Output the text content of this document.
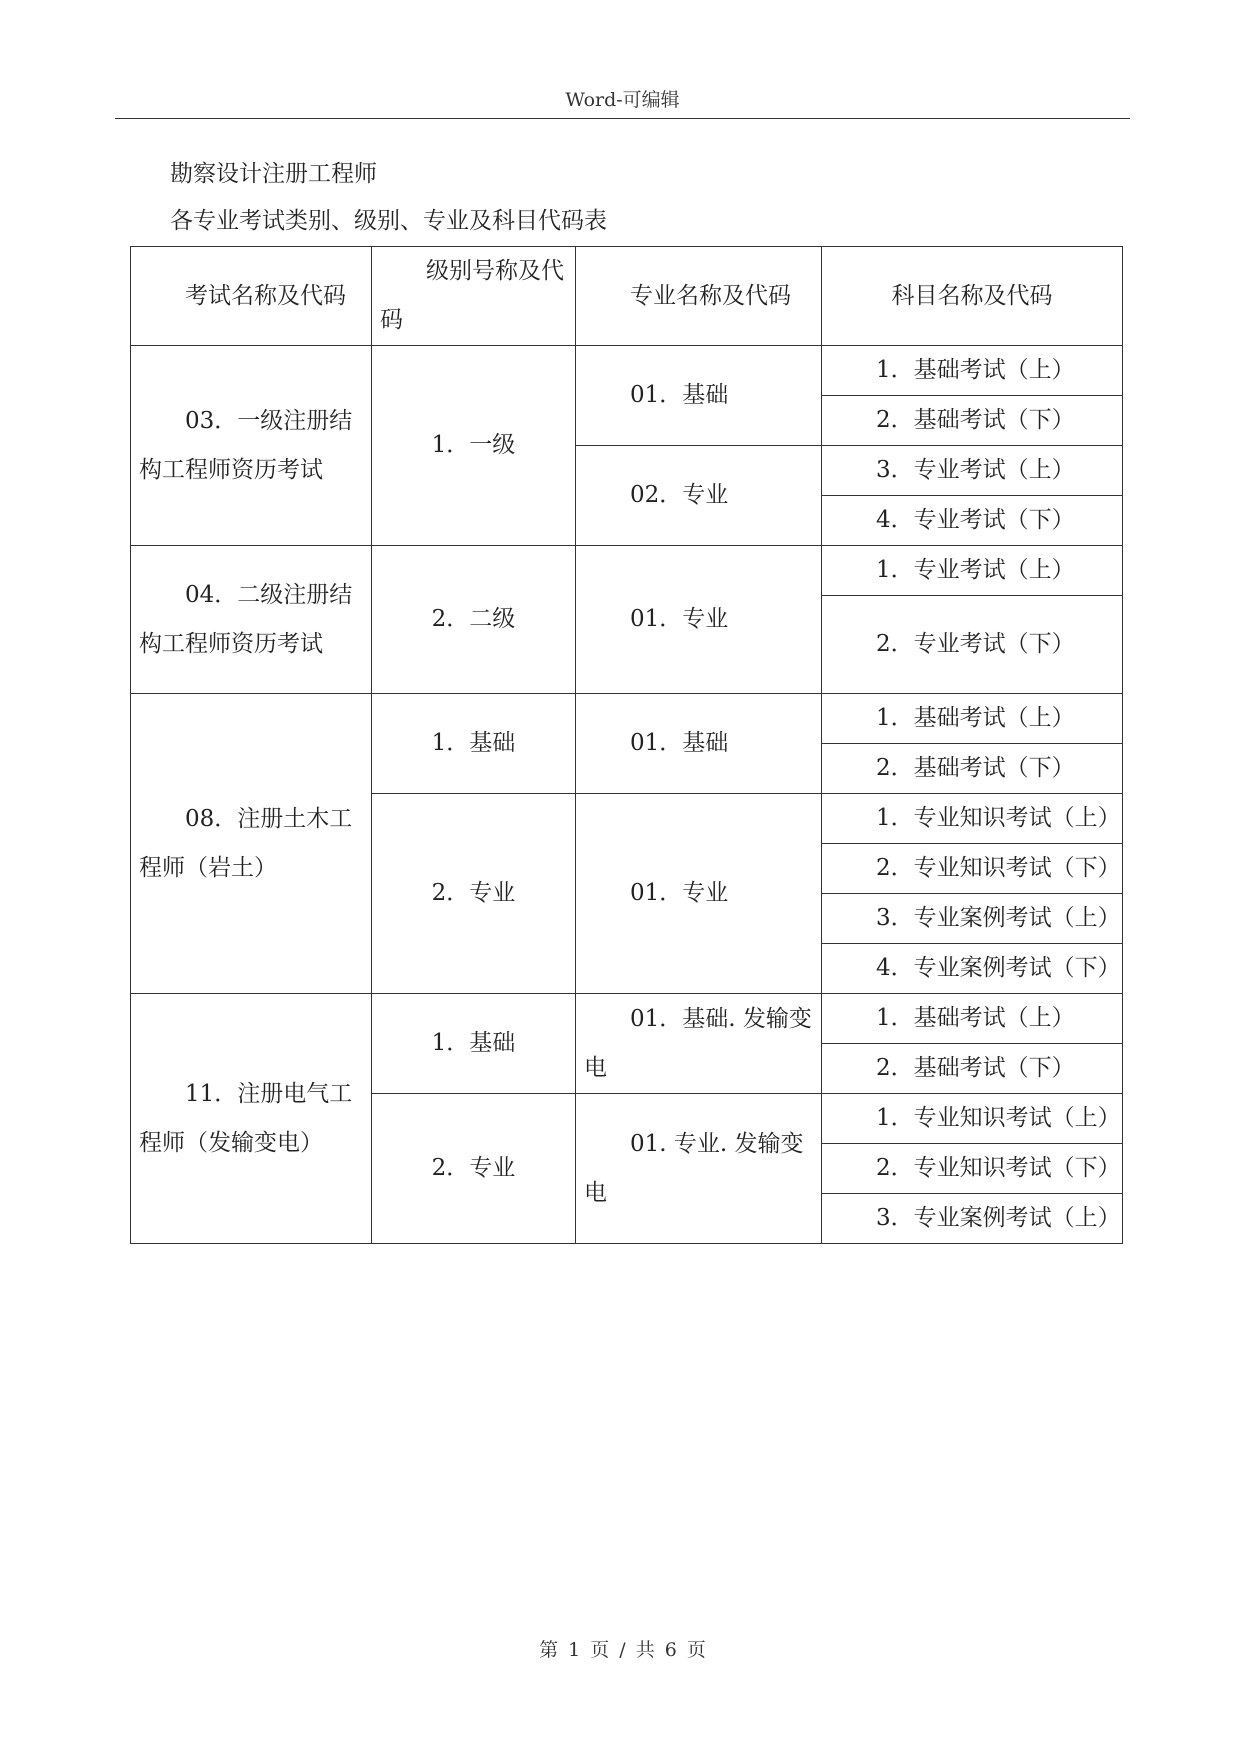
Word-可编辑
勘察设计注册工程师
各专业考试类别、级别、专业及科目代码表
考试名称及代码	级别号称及代码	专业名称及代码	科目名称及代码
03．一级注册结构工程师资历考试	1．一级	01．基础	1．基础考试（上）
			2．基础考试（下）
		02．专业	3．专业考试（上）
			4．专业考试（下）
04．二级注册结构工程师资历考试	2．二级	01．专业	1．专业考试（上）
			2．专业考试（下）
08．注册土木工程师（岩土）	1．基础	01．基础	1．基础考试（上）
			2．基础考试（下）
	2．专业	01．专业	1．专业知识考试（上）
			2．专业知识考试（下）
			3．专业案例考试（上）
			4．专业案例考试（下）
11．注册电气工程师（发输变电）	1．基础	01．基础. 发输变电	1．基础考试（上）
			2．基础考试（下）
	2．专业	01. 专业. 发输变电	1．专业知识考试（上）
			2．专业知识考试（下）
			3．专业案例考试（上）
第 1 页 / 共 6 页
